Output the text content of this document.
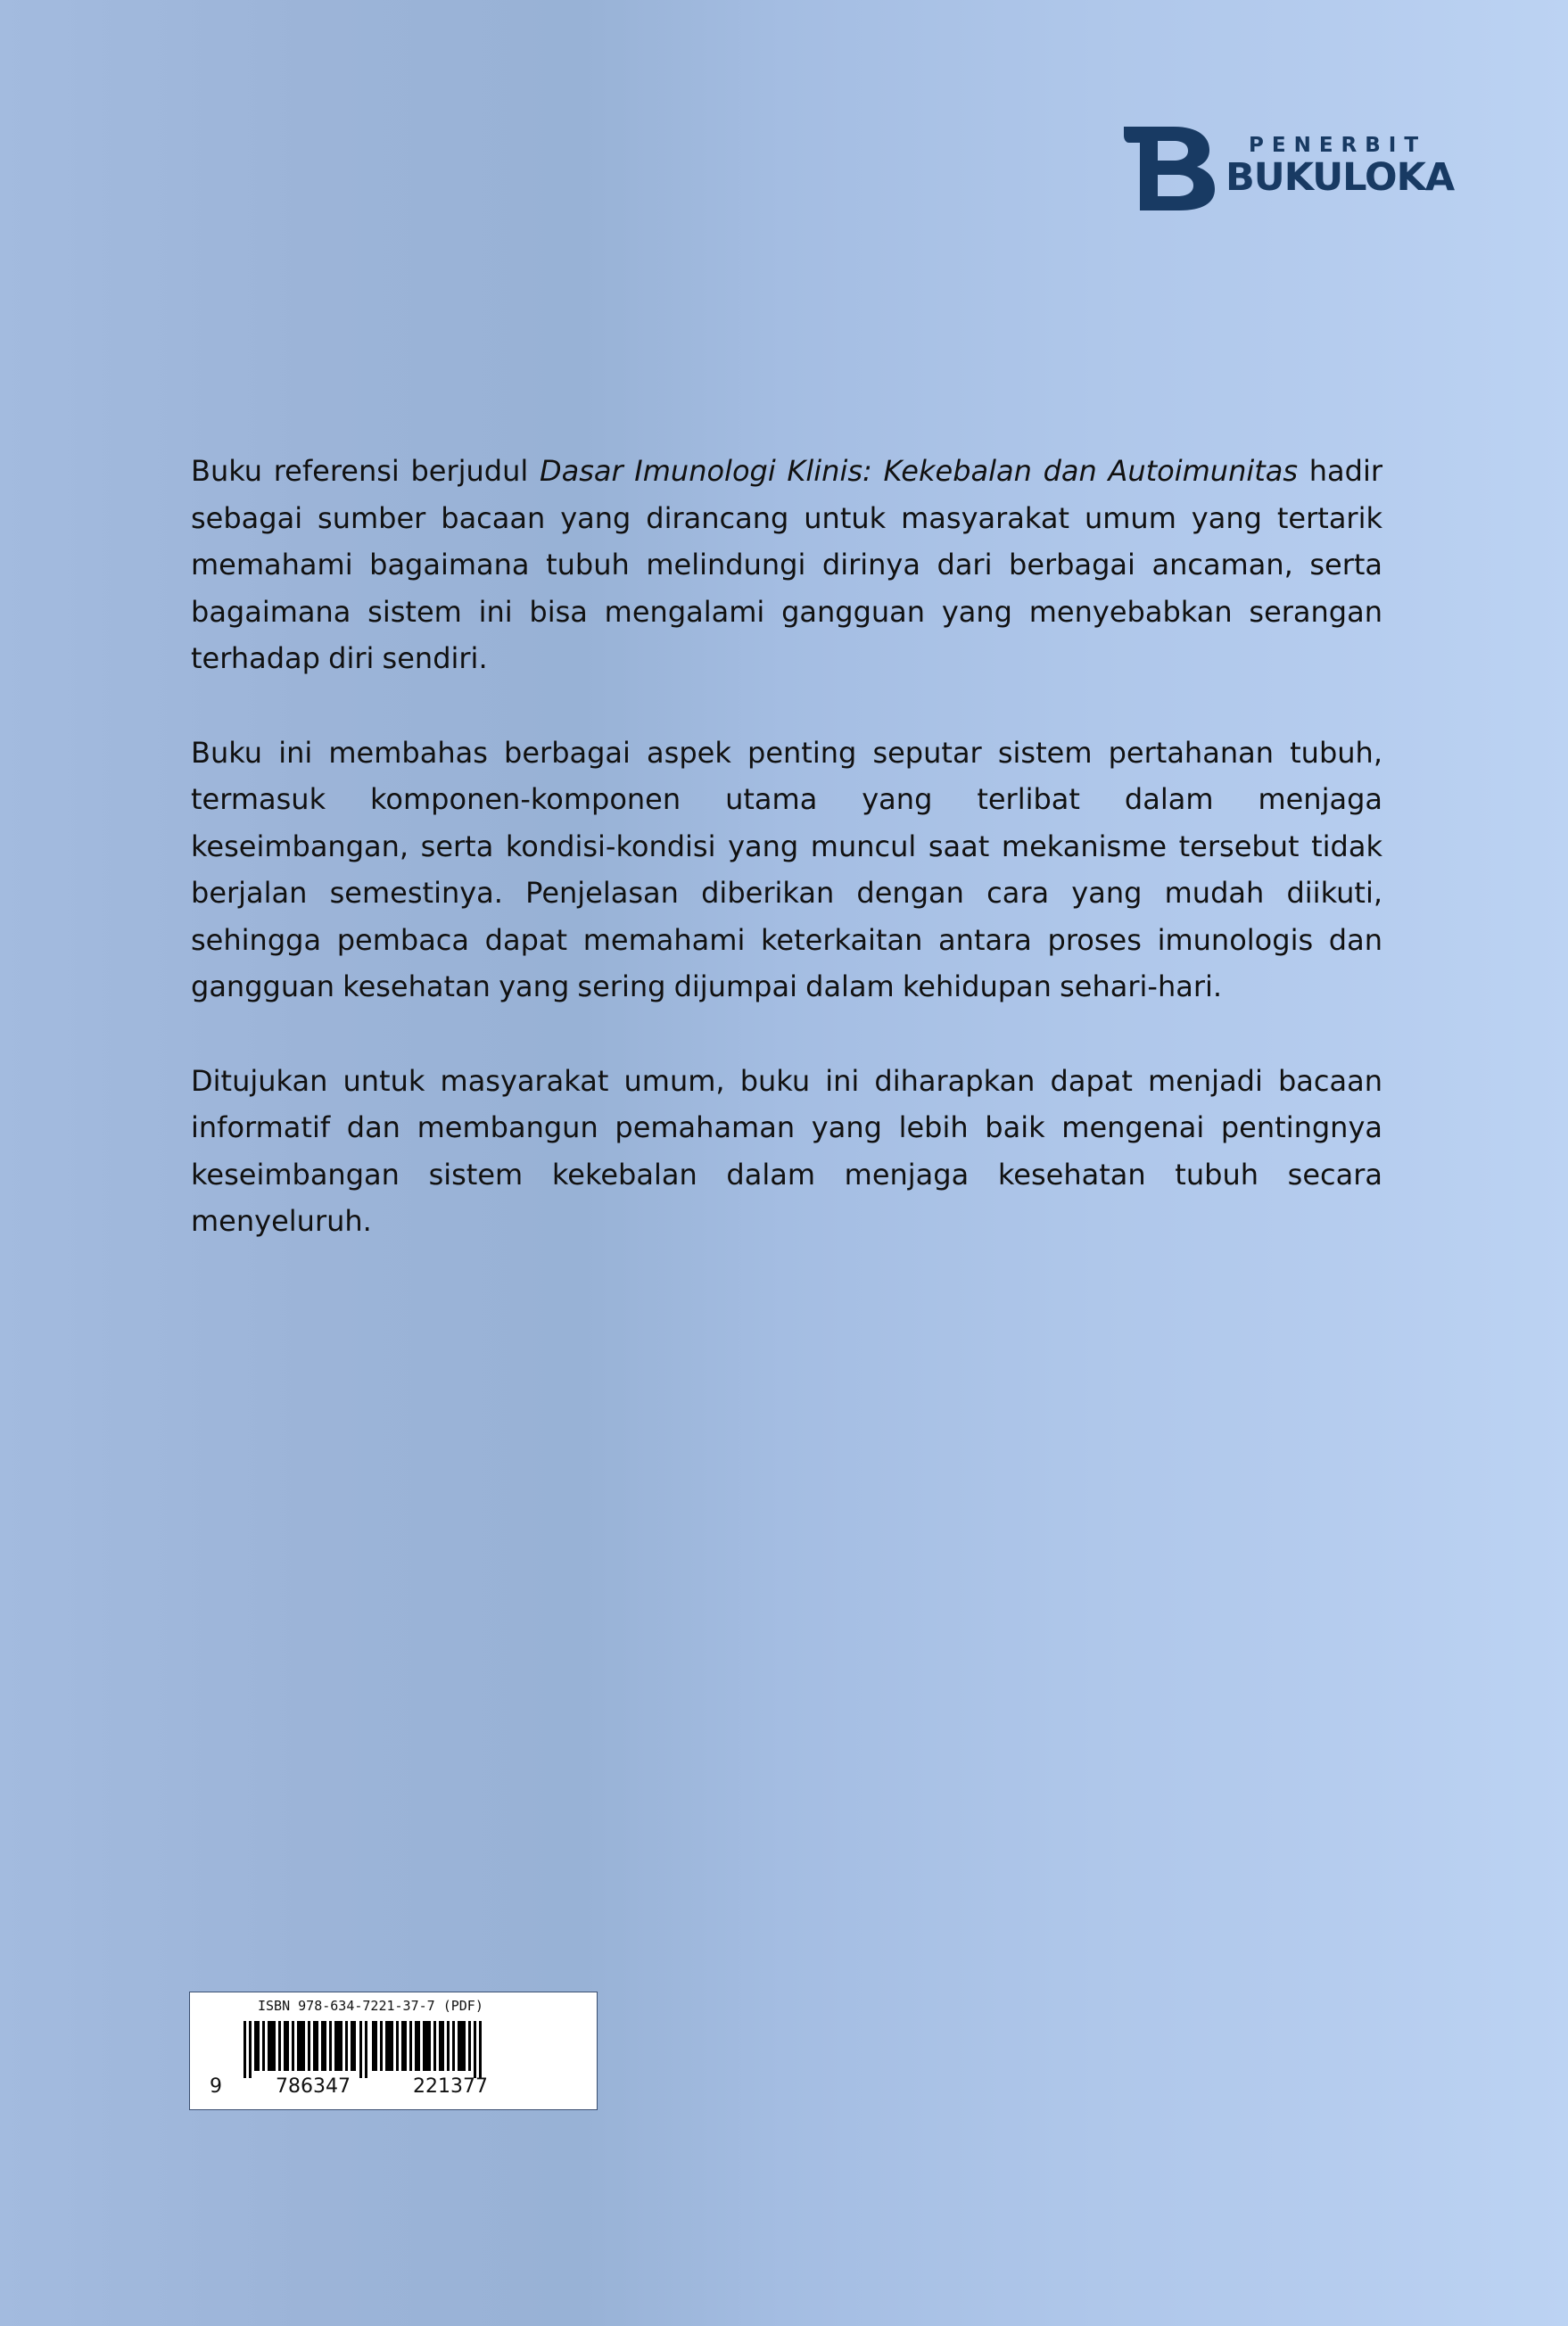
PENERBIT
BUKULOKA

Buku referensi berjudul Dasar Imunologi Klinis: Kekebalan dan Autoimunitas hadir sebagai sumber bacaan yang dirancang untuk masyarakat umum yang tertarik memahami bagaimana tubuh melindungi dirinya dari berbagai ancaman, serta bagaimana sistem ini bisa mengalami gangguan yang menyebabkan serangan terhadap diri sendiri.

Buku ini membahas berbagai aspek penting seputar sistem pertahanan tubuh, termasuk komponen-komponen utama yang terlibat dalam menjaga keseimbangan, serta kondisi-kondisi yang muncul saat mekanisme tersebut tidak berjalan semestinya. Penjelasan diberikan dengan cara yang mudah diikuti, sehingga pembaca dapat memahami keterkaitan antara proses imunologis dan gangguan kesehatan yang sering dijumpai dalam kehidupan sehari-hari.

Ditujukan untuk masyarakat umum, buku ini diharapkan dapat menjadi bacaan informatif dan membangun pemahaman yang lebih baik mengenai pentingnya keseimbangan sistem kekebalan dalam menjaga kesehatan tubuh secara menyeluruh.

ISBN 978-634-7221-37-7 (PDF)
9	786347	221377
